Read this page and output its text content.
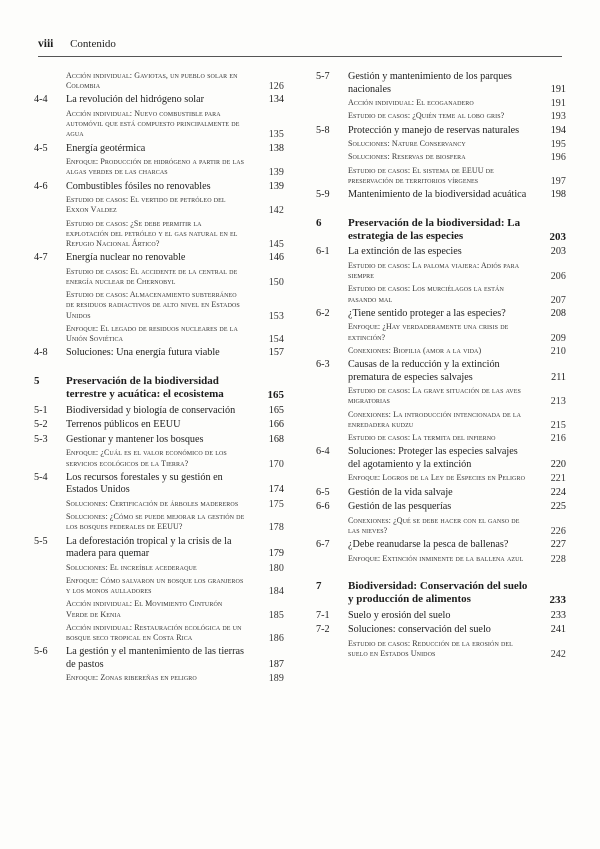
viii Contenido
Acción individual: Gaviotas, un pueblo solar en Colombia	126
4-4	La revolución del hidrógeno solar	134
Acción individual: Nuevo combustible para automóvil que está compuesto principalmente de agua	135
4-5	Energía geotérmica	138
Enfoque: Producción de hidrógeno a partir de las algas verdes de las charcas	139
4-6	Combustibles fósiles no renovables	139
Estudio de casos: El vertido de petróleo del Exxon Valdez	142
Estudio de casos: ¿Se debe permitir la explotación del petróleo y el gas natural en el Refugio Nacional Ártico?	145
4-7	Energía nuclear no renovable	146
Estudio de casos: El accidente de la central de energía nuclear de Chernobyl	150
Estudio de casos: Almacenamiento subterráneo de residuos radiactivos de alto nivel en Estados Unidos	153
Enfoque: El legado de residuos nucleares de la Unión Soviética	154
4-8	Soluciones: Una energía futura viable	157
5	Preservación de la biodiversidad terrestre y acuática: el ecosistema	165
5-1	Biodiversidad y biología de conservación	165
5-2	Terrenos públicos en EEUU	166
5-3	Gestionar y mantener los bosques	168
Enfoque: ¿Cuál es el valor económico de los servicios ecológicos de la Tierra?	170
5-4	Los recursos forestales y su gestión en Estados Unidos	174
Soluciones: Certificación de árboles madereros	175
Soluciones: ¿Cómo se puede mejorar la gestión de los bosques federales de EEUU?	178
5-5	La deforestación tropical y la crisis de la madera para quemar	179
Soluciones: El increíble acederaque	180
Enfoque: Cómo salvaron un bosque los granjeros y los monos aulladores	184
Acción individual: El Movimiento Cinturón Verde de Kenia	185
Acción individual: Restauración ecológica de un bosque seco tropical en Costa Rica	186
5-6	La gestión y el mantenimiento de las tierras de pastos	187
Enfoque: Zonas ribereñas en peligro	189
5-7	Gestión y mantenimiento de los parques nacionales	191
Acción individual: El ecoganadero	191
Estudio de casos: ¿Quién teme al lobo gris?	193
5-8	Protección y manejo de reservas naturales	194
Soluciones: Nature Conservancy	195
Soluciones: Reservas de biosfera	196
Estudio de casos: El sistema de EEUU de preservación de territorios vírgenes	197
5-9	Mantenimiento de la biodiversidad acuática 198
6	Preservación de la biodiversidad: La estrategia de las especies	203
6-1	La extinción de las especies	203
Estudio de casos: La paloma viajera: Adiós para siempre	206
Estudio de casos: Los murciélagos la están pasando mal	207
6-2	¿Tiene sentido proteger a las especies?	208
Enfoque: ¿Hay verdaderamente una crisis de extinción?	209
Conexiones: Biofilia (amor a la vida)	210
6-3	Causas de la reducción y la extinción prematura de especies salvajes	211
Estudio de casos: La grave situación de las aves migratorias	213
Conexiones: La introducción intencionada de la enredadera kudzu	215
Estudio de casos: La termita del infierno	216
6-4	Soluciones: Proteger las especies salvajes del agotamiento y la extinción	220
Enfoque: Logros de la Ley de Especies en Peligro	221
6-5	Gestión de la vida salvaje	224
6-6	Gestión de las pesquerías	225
Conexiones: ¿Qué se debe hacer con el ganso de las nieves?	226
6-7	¿Debe reanudarse la pesca de ballenas?	227
Enfoque: Extinción inminente de la ballena azul	228
7	Biodiversidad: Conservación del suelo y producción de alimentos	233
7-1	Suelo y erosión del suelo	233
7-2	Soluciones: conservación del suelo	241
Estudio de casos: Reducción de la erosión del suelo en Estados Unidos	242
